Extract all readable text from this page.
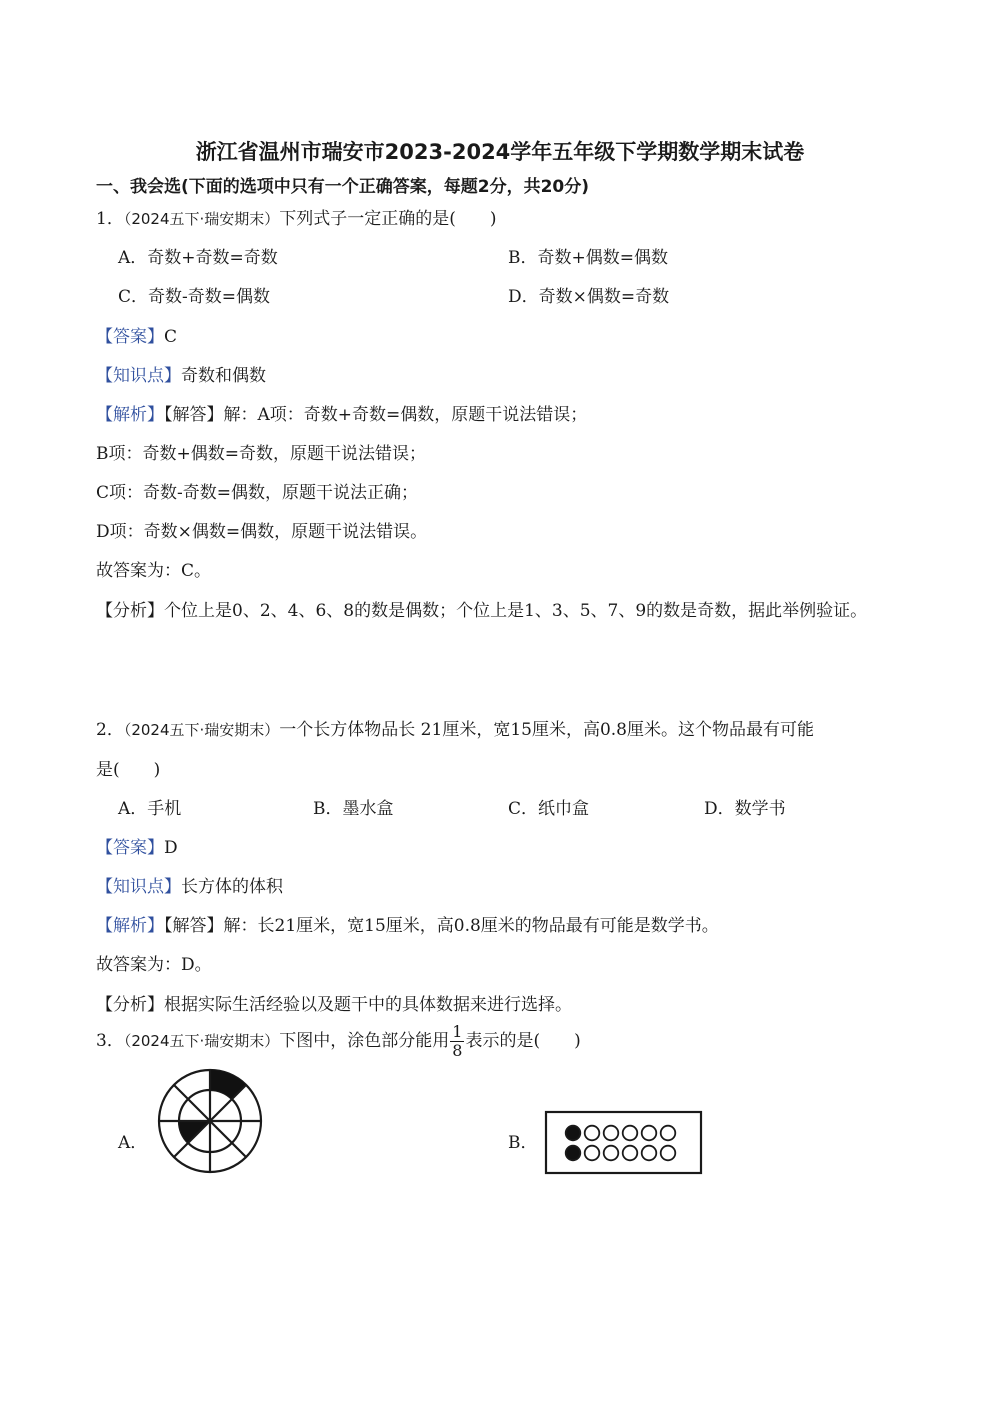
浙江省温州市瑞安市2023-2024学年五年级下学期数学期末试卷
一、我会选(下面的选项中只有一个正确答案，每题2分，共20分)
1．（2024五下·瑞安期末）下列式子一定正确的是(　　)
A．奇数+奇数=奇数	B．奇数+偶数=偶数
C．奇数-奇数=偶数	D．奇数×偶数=奇数
【答案】C
【知识点】奇数和偶数
【解析】【解答】解：A项：奇数+奇数=偶数，原题干说法错误；
B项：奇数+偶数=奇数，原题干说法错误；
C项：奇数-奇数=偶数，原题干说法正确；
D项：奇数×偶数=偶数，原题干说法错误。
故答案为：C。
【分析】个位上是0、2、4、6、8的数是偶数；个位上是1、3、5、7、9的数是奇数，据此举例验证。
2．（2024五下·瑞安期末）一个长方体物品长 21厘米，宽15厘米，高0.8厘米。这个物品最有可能
是(　　)
A．手机	B．墨水盒	C．纸巾盒	D．数学书
【答案】D
【知识点】长方体的体积
【解析】【解答】解：长21厘米，宽15厘米，高0.8厘米的物品最有可能是数学书。
故答案为：D。
【分析】根据实际生活经验以及题干中的具体数据来进行选择。
3．（2024五下·瑞安期末）下图中，涂色部分能用 $\frac{1}{8}$ 表示的是(　　)
A．	B．
